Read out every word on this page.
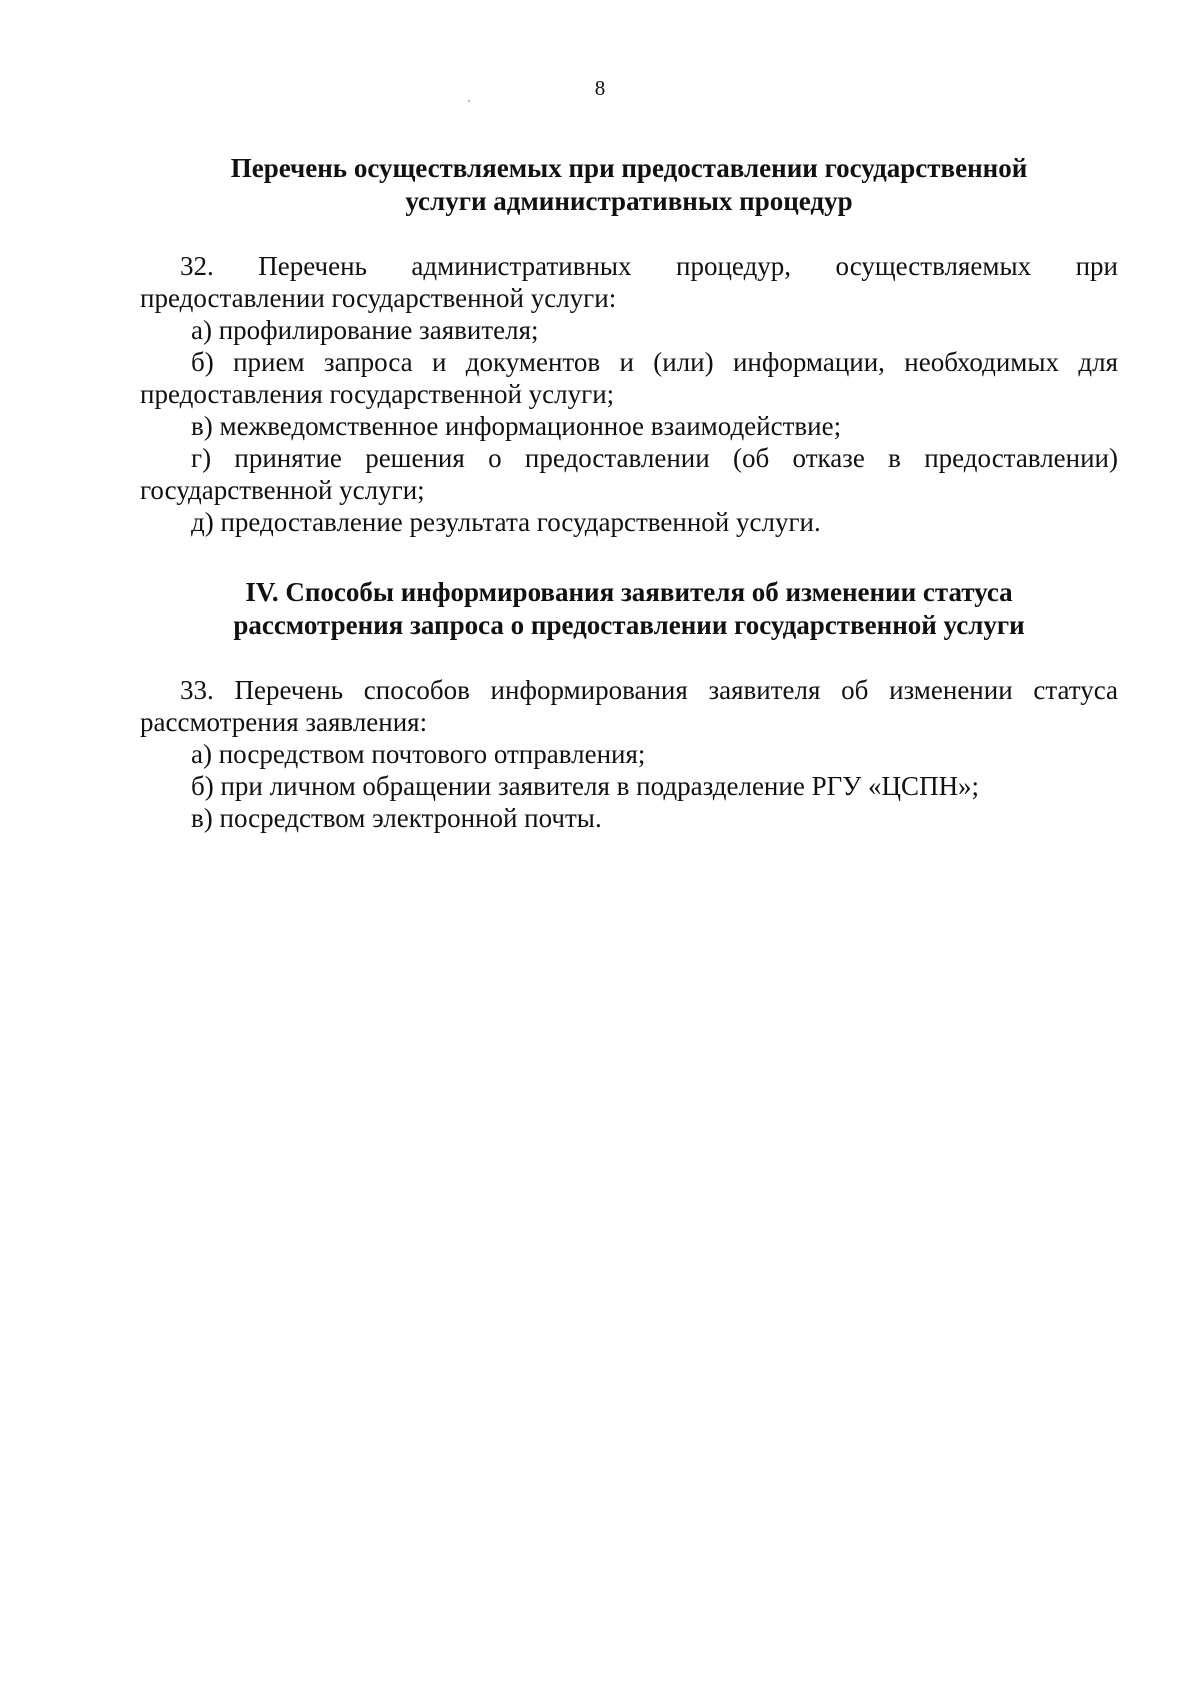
8
Перечень осуществляемых при предоставлении государственной
услуги административных процедур

32. Перечень административных процедур, осуществляемых при предоставлении государственной услуги:

а) профилирование заявителя;

б) прием запроса и документов и (или) информации, необходимых для предоставления государственной услуги;

в) межведомственное информационное взаимодействие;

г) принятие решения о предоставлении (об отказе в предоставлении) государственной услуги;

д) предоставление результата государственной услуги.

IV. Способы информирования заявителя об изменении статуса
рассмотрения запроса о предоставлении государственной услуги

33. Перечень способов информирования заявителя об изменении статуса рассмотрения заявления:

а) посредством почтового отправления;

б) при личном обращении заявителя в подразделение РГУ «ЦСПН»;

в) посредством электронной почты.
